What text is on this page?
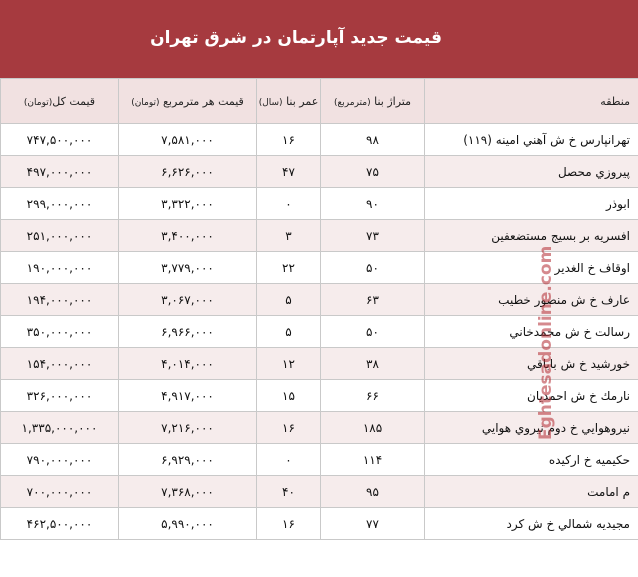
قیمت جدید آپارتمان در شرق تهران
منطقه	متراژ بنا (مترمربع)	عمر بنا (سال)	قیمت هر مترمربع (تومان)	قیمت کل(تومان)
تهرانپارس خ ش آهني امينه (۱۱۹)	۹۸	۱۶	۷,۵۸۱,۰۰۰	۷۴۷,۵۰۰,۰۰۰
پيروزي محصل	۷۵	۴۷	۶,۶۲۶,۰۰۰	۴۹۷,۰۰۰,۰۰۰
ابوذر	۹۰	۰	۳,۳۲۲,۰۰۰	۲۹۹,۰۰۰,۰۰۰
افسريه بر بسيج مستضعفين	۷۳	۳	۳,۴۰۰,۰۰۰	۲۵۱,۰۰۰,۰۰۰
اوقاف خ الغدير	۵۰	۲۲	۳,۷۷۹,۰۰۰	۱۹۰,۰۰۰,۰۰۰
عارف خ ش منصور خطيب	۶۳	۵	۳,۰۶۷,۰۰۰	۱۹۴,۰۰۰,۰۰۰
رسالت خ ش محمدخاني	۵۰	۵	۶,۹۶۶,۰۰۰	۳۵۰,۰۰۰,۰۰۰
خورشيد خ ش باباقي	۳۸	۱۲	۴,۰۱۴,۰۰۰	۱۵۴,۰۰۰,۰۰۰
نارمك خ ش احمديان	۶۶	۱۵	۴,۹۱۷,۰۰۰	۳۲۶,۰۰۰,۰۰۰
نيروهوايي خ دوم نيروي هوايي	۱۸۵	۱۶	۷,۲۱۶,۰۰۰	۱,۳۳۵,۰۰۰,۰۰۰
حكيميه خ اركيده	۱۱۴	۰	۶,۹۲۹,۰۰۰	۷۹۰,۰۰۰,۰۰۰
م امامت	۹۵	۴۰	۷,۳۶۸,۰۰۰	۷۰۰,۰۰۰,۰۰۰
مجيديه شمالي خ ش كرد	۷۷	۱۶	۵,۹۹۰,۰۰۰	۴۶۲,۵۰۰,۰۰۰
Eghtesadonline.com
